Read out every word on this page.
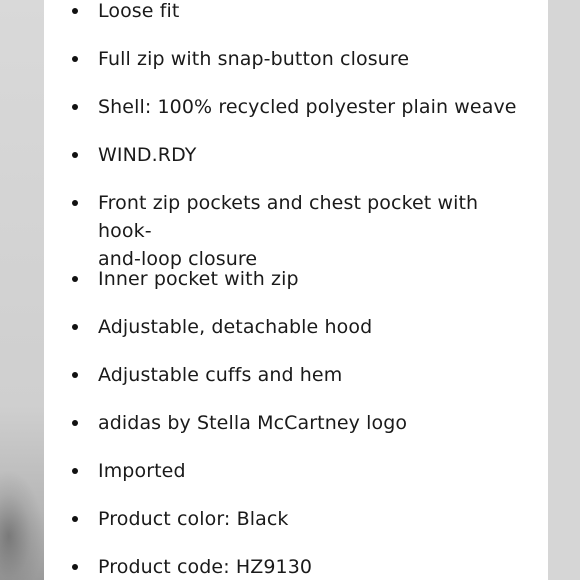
Loose fit
Full zip with snap-button closure
Shell: 100% recycled polyester plain weave
WIND.RDY
Front zip pockets and chest pocket with hook-
and-loop closure
Inner pocket with zip
Adjustable, detachable hood
Adjustable cuffs and hem
adidas by Stella McCartney logo
Imported
Product color: Black
Product code: HZ9130
